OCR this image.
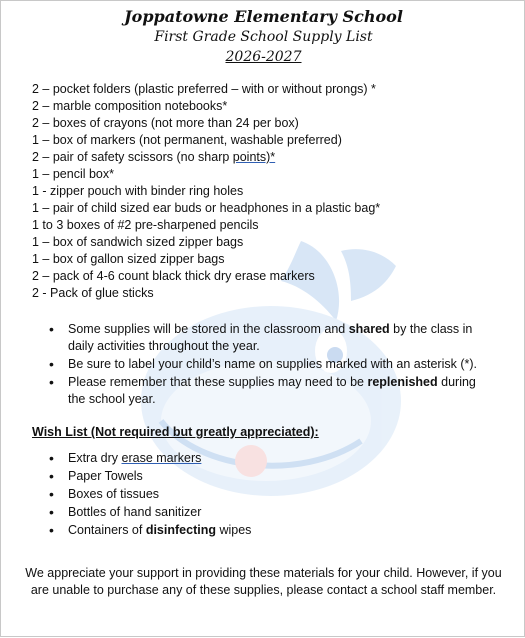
Joppatowne Elementary School
First Grade School Supply List
2026-2027
2 – pocket folders (plastic preferred – with or without prongs) *
2 – marble composition notebooks*
2 – boxes of crayons (not more than 24 per box)
1 – box of markers (not permanent, washable preferred)
2 – pair of safety scissors (no sharp points)*
1 – pencil box*
1 - zipper pouch with binder ring holes
1 – pair of child sized ear buds or headphones in a plastic bag*
1 to 3 boxes of #2 pre-sharpened pencils
1 – box of sandwich sized zipper bags
1 – box of gallon sized zipper bags
2 – pack of 4-6 count black thick dry erase markers
2 - Pack of glue sticks
• Some supplies will be stored in the classroom and shared by the class in daily activities throughout the year.
• Be sure to label your child’s name on supplies marked with an asterisk (*).
• Please remember that these supplies may need to be replenished during the school year.
Wish List (Not required but greatly appreciated):
• Extra dry erase markers
• Paper Towels
• Boxes of tissues
• Bottles of hand sanitizer
• Containers of disinfecting wipes
We appreciate your support in providing these materials for your child. However, if you are unable to purchase any of these supplies, please contact a school staff member.
